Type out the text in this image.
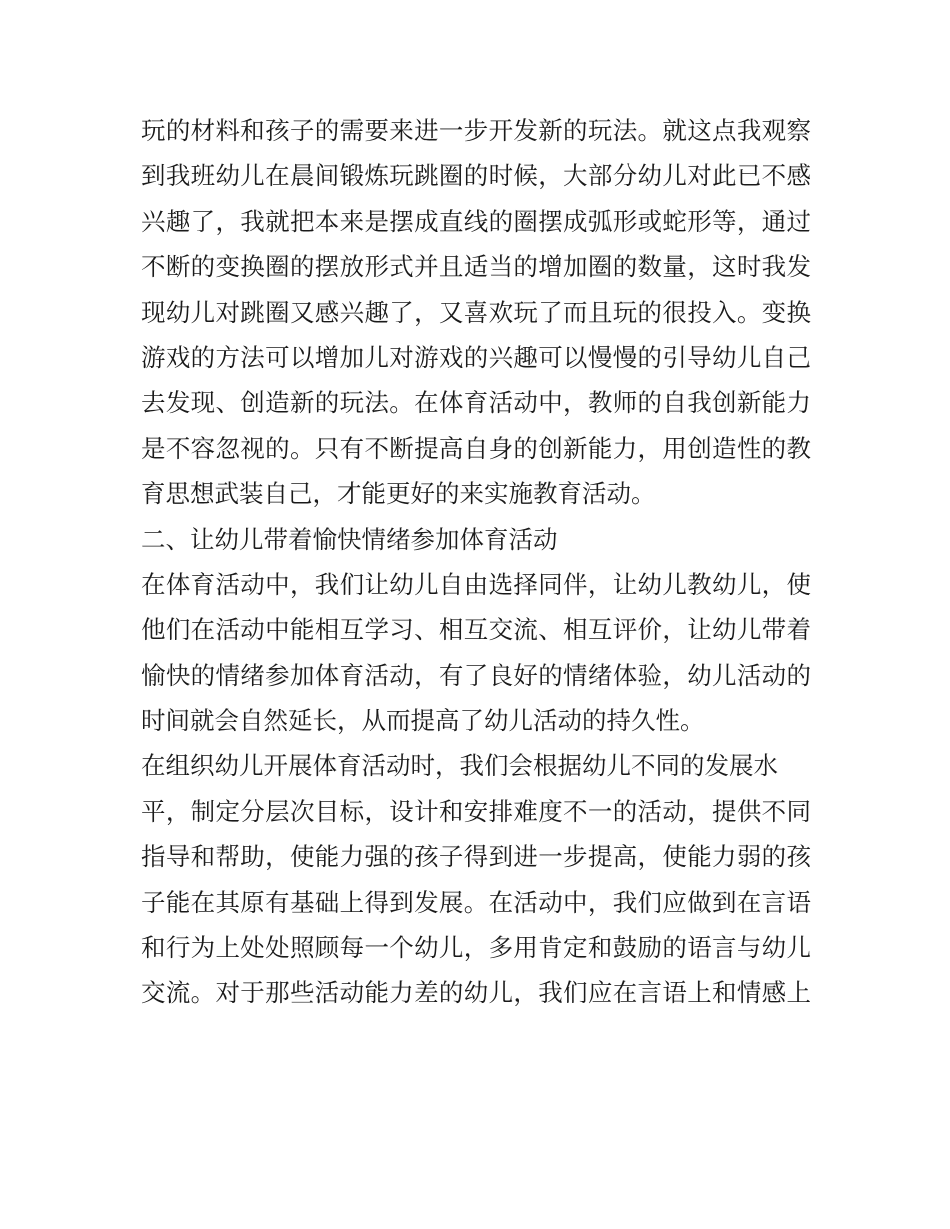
玩的材料和孩子的需要来进一步开发新的玩法。就这点我观察
到我班幼儿在晨间锻炼玩跳圈的时候，大部分幼儿对此已不感
兴趣了，我就把本来是摆成直线的圈摆成弧形或蛇形等，通过
不断的变换圈的摆放形式并且适当的增加圈的数量，这时我发
现幼儿对跳圈又感兴趣了，又喜欢玩了而且玩的很投入。变换
游戏的方法可以增加儿对游戏的兴趣可以慢慢的引导幼儿自己
去发现、创造新的玩法。在体育活动中，教师的自我创新能力
是不容忽视的。只有不断提高自身的创新能力，用创造性的教
育思想武装自己，才能更好的来实施教育活动。
二、让幼儿带着愉快情绪参加体育活动
在体育活动中，我们让幼儿自由选择同伴，让幼儿教幼儿，使
他们在活动中能相互学习、相互交流、相互评价，让幼儿带着
愉快的情绪参加体育活动，有了良好的情绪体验，幼儿活动的
时间就会自然延长，从而提高了幼儿活动的持久性。
在组织幼儿开展体育活动时，我们会根据幼儿不同的发展水
平，制定分层次目标，设计和安排难度不一的活动，提供不同
指导和帮助，使能力强的孩子得到进一步提高，使能力弱的孩
子能在其原有基础上得到发展。在活动中，我们应做到在言语
和行为上处处照顾每一个幼儿，多用肯定和鼓励的语言与幼儿
交流。对于那些活动能力差的幼儿，我们应在言语上和情感上
